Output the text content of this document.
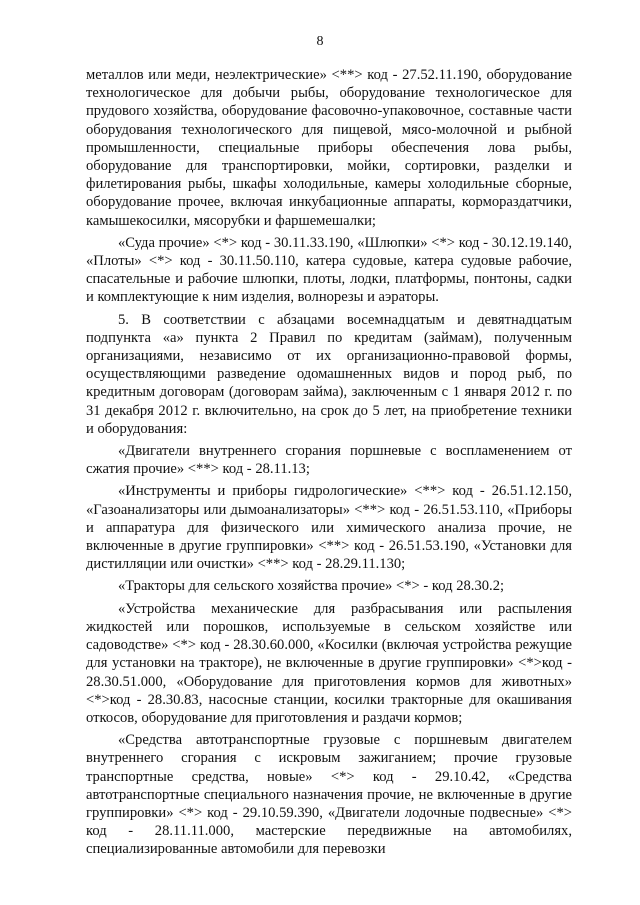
8

металлов или меди, неэлектрические» <**> код - 27.52.11.190, оборудование технологическое для добычи рыбы, оборудование технологическое для прудового хозяйства, оборудование фасовочно-упаковочное, составные части оборудования технологического для пищевой, мясо-молочной и рыбной промышленности, специальные приборы обеспечения лова рыбы, оборудование для транспортировки, мойки, сортировки, разделки и филетирования рыбы, шкафы холодильные, камеры холодильные сборные, оборудование прочее, включая инкубационные аппараты, кормораздатчики, камышекосилки, мясорубки и фаршемешалки;

«Суда прочие» <*> код - 30.11.33.190, «Шлюпки» <*> код - 30.12.19.140, «Плоты» <*> код - 30.11.50.110, катера судовые, катера судовые рабочие, спасательные и рабочие шлюпки, плоты, лодки, платформы, понтоны, садки и комплектующие к ним изделия, волнорезы и аэраторы.

5. В соответствии с абзацами восемнадцатым и девятнадцатым подпункта «а» пункта 2 Правил по кредитам (займам), полученным организациями, независимо от их организационно-правовой формы, осуществляющими разведение одомашненных видов и пород рыб, по кредитным договорам (договорам займа), заключенным с 1 января 2012 г. по 31 декабря 2012 г. включительно, на срок до 5 лет, на приобретение техники и оборудования:

«Двигатели внутреннего сгорания поршневые с воспламенением от сжатия прочие» <**> код - 28.11.13;

«Инструменты и приборы гидрологические» <**> код - 26.51.12.150, «Газоанализаторы или дымоанализаторы» <**> код - 26.51.53.110, «Приборы и аппаратура для физического или химического анализа прочие, не включенные в другие группировки» <**> код - 26.51.53.190, «Установки для дистилляции или очистки» <**> код - 28.29.11.130;

«Тракторы для сельского хозяйства прочие» <*> - код 28.30.2;

«Устройства механические для разбрасывания или распыления жидкостей или порошков, используемые в сельском хозяйстве или садоводстве» <*> код - 28.30.60.000, «Косилки (включая устройства режущие для установки на тракторе), не включенные в другие группировки» <*>код - 28.30.51.000, «Оборудование для приготовления кормов для животных» <*>код - 28.30.83, насосные станции, косилки тракторные для окашивания откосов, оборудование для приготовления и раздачи кормов;

«Средства автотранспортные грузовые с поршневым двигателем внутреннего сгорания с искровым зажиганием; прочие грузовые транспортные средства, новые» <*> код - 29.10.42, «Средства автотранспортные специального назначения прочие, не включенные в другие группировки» <*> код - 29.10.59.390, «Двигатели лодочные подвесные» <*> код - 28.11.11.000, мастерские передвижные на автомобилях, специализированные автомобили для перевозки
